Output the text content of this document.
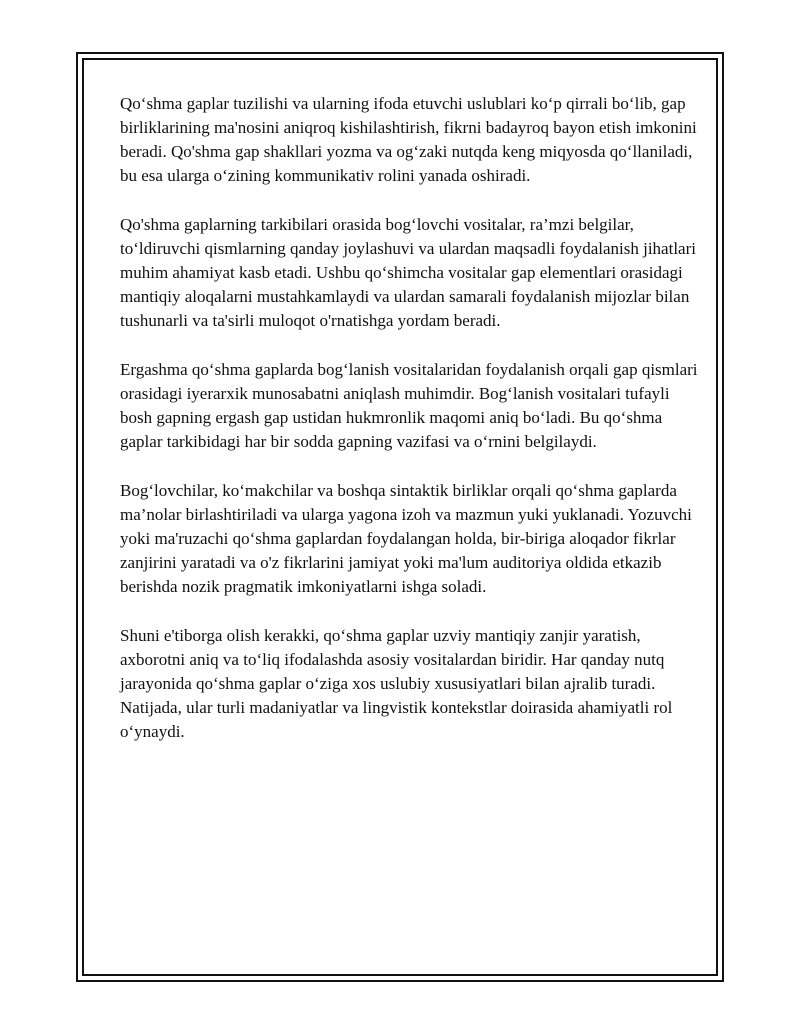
Qo‘shma gaplar tuzilishi va ularning ifoda etuvchi uslublari ko‘p qirrali bo‘lib, gap birliklarining ma'nosini aniqroq kishilashtirish, fikrni badayroq bayon etish imkonini beradi. Qo'shma gap shakllari yozma va og‘zaki nutqda keng miqyosda qo‘llaniladi, bu esa ularga o‘zining kommunikativ rolini yanada oshiradi.

Qo'shma gaplarning tarkibilari orasida bog‘lovchi vositalar, ra’mzi belgilar, to‘ldiruvchi qismlarning qanday joylashuvi va ulardan maqsadli foydalanish jihatlari muhim ahamiyat kasb etadi. Ushbu qo‘shimcha vositalar gap elementlari orasidagi mantiqiy aloqalarni mustahkamlaydi va ulardan samarali foydalanish mijozlar bilan tushunarli va ta'sirli muloqot o'rnatishga yordam beradi.

Ergashma qo‘shma gaplarda bog‘lanish vositalaridan foydalanish orqali gap qismlari orasidagi iyerarxik munosabatni aniqlash muhimdir. Bog‘lanish vositalari tufayli bosh gapning ergash gap ustidan hukmronlik maqomi aniq bo‘ladi. Bu qo‘shma gaplar tarkibidagi har bir sodda gapning vazifasi va o‘rnini belgilaydi.

Bog‘lovchilar, ko‘makchilar va boshqa sintaktik birliklar orqali qo‘shma gaplarda ma’nolar birlashtiriladi va ularga yagona izoh va mazmun yuki yuklanadi. Yozuvchi yoki ma'ruzachi qo‘shma gaplardan foydalangan holda, bir-biriga aloqador fikrlar zanjirini yaratadi va o'z fikrlarini jamiyat yoki ma'lum auditoriya oldida etkazib berishda nozik pragmatik imkoniyatlarni ishga soladi.

Shuni e'tiborga olish kerakki, qo‘shma gaplar uzviy mantiqiy zanjir yaratish, axborotni aniq va to‘liq ifodalashda asosiy vositalardan biridir. Har qanday nutq jarayonida qo‘shma gaplar o‘ziga xos uslubiy xususiyatlari bilan ajralib turadi. Natijada, ular turli madaniyatlar va lingvistik kontekstlar doirasida ahamiyatli rol o‘ynaydi.
